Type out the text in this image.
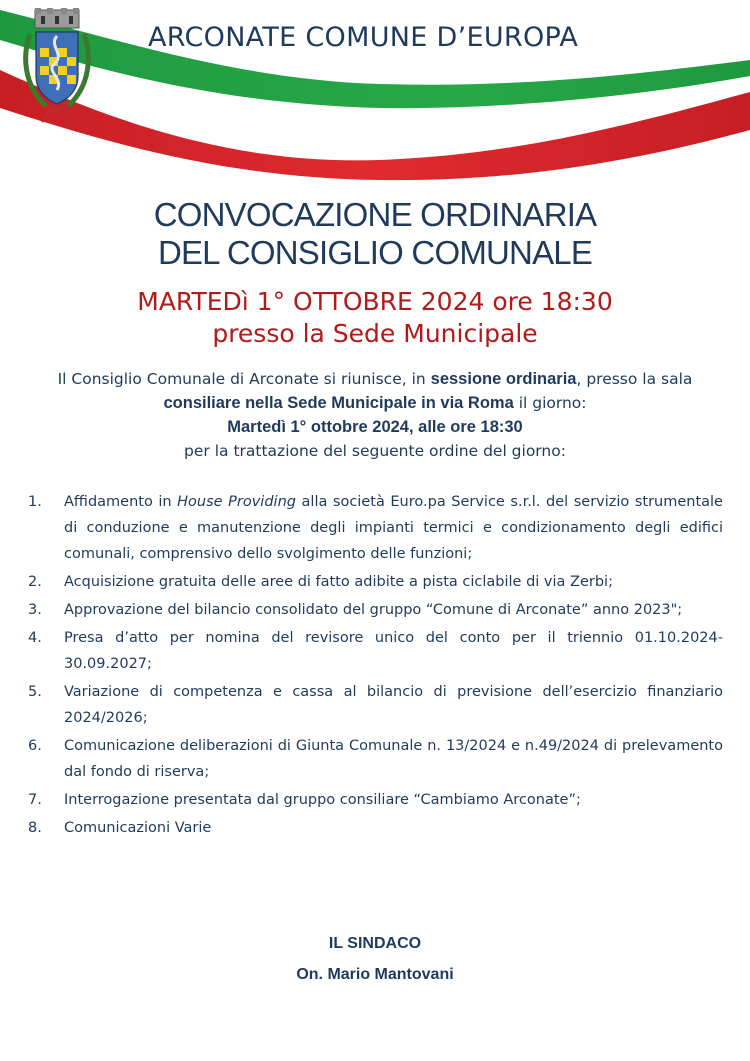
ARCONATE COMUNE D’EUROPA
CONVOCAZIONE ORDINARIA
DEL CONSIGLIO COMUNALE
MARTEDì 1° OTTOBRE 2024 ore 18:30
presso la Sede Municipale
Il Consiglio Comunale di Arconate si riunisce, in sessione ordinaria, presso la sala
consiliare nella Sede Municipale in via Roma il giorno:
Martedì 1° ottobre 2024, alle ore 18:30
per la trattazione del seguente ordine del giorno:
1. Affidamento in House Providing alla società Euro.pa Service s.r.l. del servizio strumentale di conduzione e manutenzione degli impianti termici e condizionamento degli edifici comunali, comprensivo dello svolgimento delle funzioni;
2. Acquisizione gratuita delle aree di fatto adibite a pista ciclabile di via Zerbi;
3. Approvazione del bilancio consolidato del gruppo “Comune di Arconate” anno 2023";
4. Presa d’atto per nomina del revisore unico del conto per il triennio 01.10.2024-30.09.2027;
5. Variazione di competenza e cassa al bilancio di previsione dell’esercizio finanziario 2024/2026;
6. Comunicazione deliberazioni di Giunta Comunale n. 13/2024 e n.49/2024 di prelevamento dal fondo di riserva;
7. Interrogazione presentata dal gruppo consiliare “Cambiamo Arconate”;
8. Comunicazioni Varie
IL SINDACO
On. Mario Mantovani
